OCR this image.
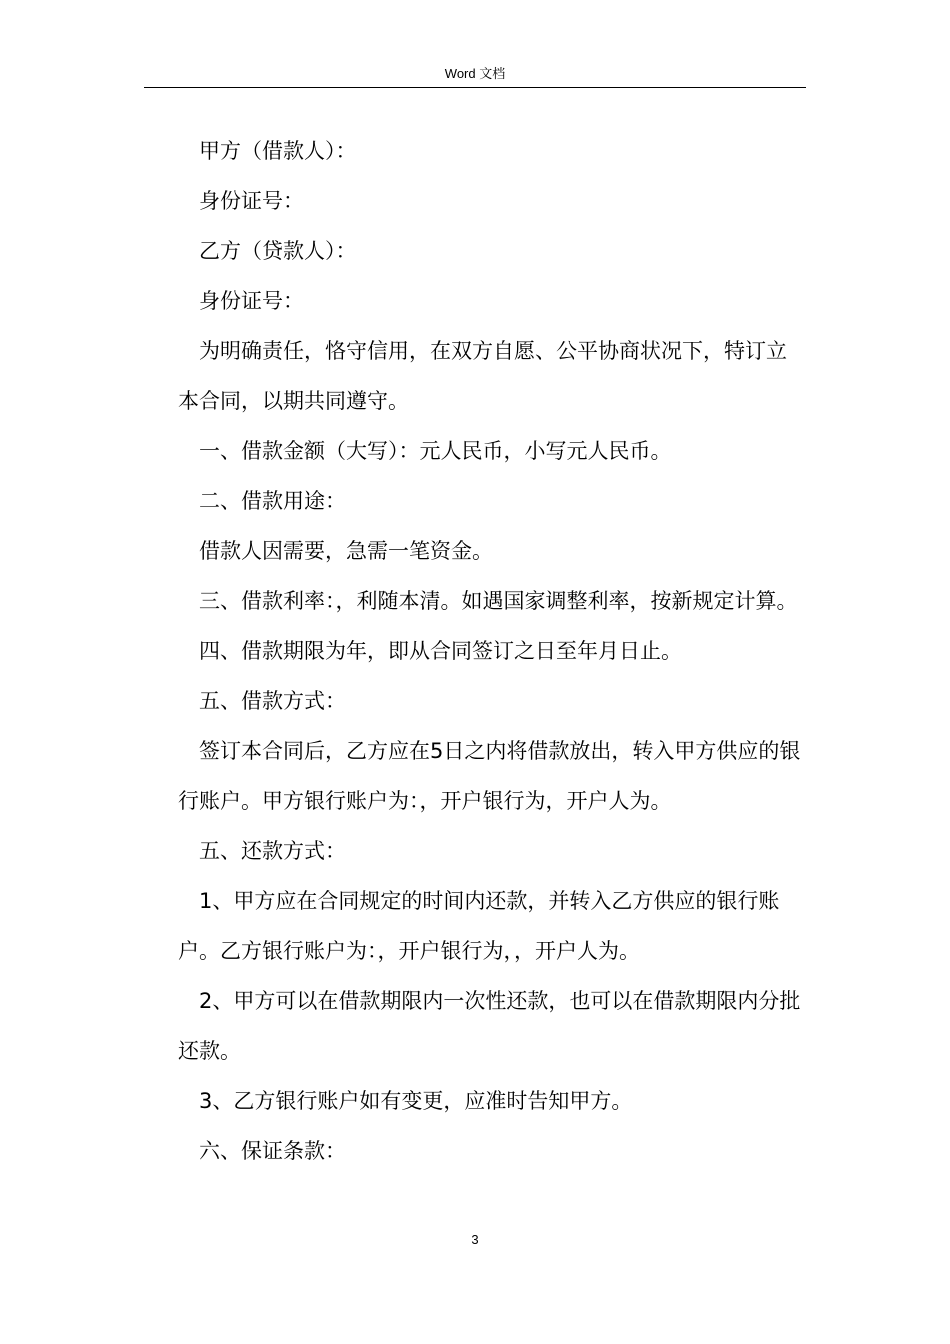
Word 文档

甲方（借款人）：

身份证号：

乙方（贷款人）：

身份证号：

为明确责任，恪守信用，在双方自愿、公平协商状况下，特订立本合同，以期共同遵守。

一、借款金额（大写）：元人民币，小写元人民币。

二、借款用途：

借款人因需要，急需一笔资金。

三、借款利率：，利随本清。如遇国家调整利率，按新规定计算。

四、借款期限为年，即从合同签订之日至年月日止。

五、借款方式：

签订本合同后，乙方应在5日之内将借款放出，转入甲方供应的银行账户。甲方银行账户为：，开户银行为，开户人为。

五、还款方式：

1、甲方应在合同规定的时间内还款，并转入乙方供应的银行账户。乙方银行账户为：，开户银行为，，开户人为。

2、甲方可以在借款期限内一次性还款，也可以在借款期限内分批还款。

3、乙方银行账户如有变更，应准时告知甲方。

六、保证条款：

3
